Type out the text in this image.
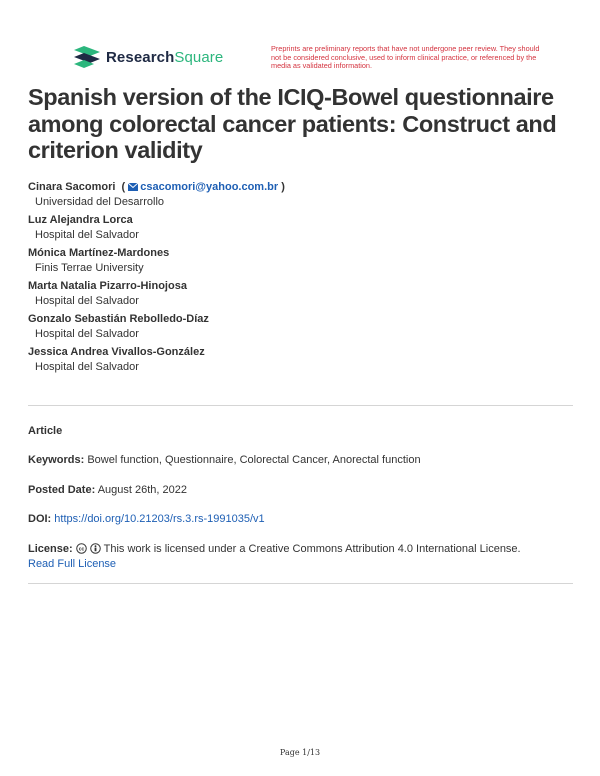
ResearchSquare	Preprints are preliminary reports that have not undergone peer review. They should not be considered conclusive, used to inform clinical practice, or referenced by the media as validated information.
Spanish version of the ICIQ-Bowel questionnaire among colorectal cancer patients: Construct and criterion validity
Cinara Sacomori  ( csacomori@yahoo.com.br )
Universidad del Desarrollo
Luz Alejandra Lorca
Hospital del Salvador
Mónica Martínez-Mardones
Finis Terrae University
Marta Natalia Pizarro-Hinojosa
Hospital del Salvador
Gonzalo Sebastián Rebolledo-Díaz
Hospital del Salvador
Jessica Andrea Vivallos-González
Hospital del Salvador
Article
Keywords: Bowel function, Questionnaire, Colorectal Cancer, Anorectal function
Posted Date: August 26th, 2022
DOI: https://doi.org/10.21203/rs.3.rs-1991035/v1
License: cc This work is licensed under a Creative Commons Attribution 4.0 International License.
Read Full License
Page 1/13
